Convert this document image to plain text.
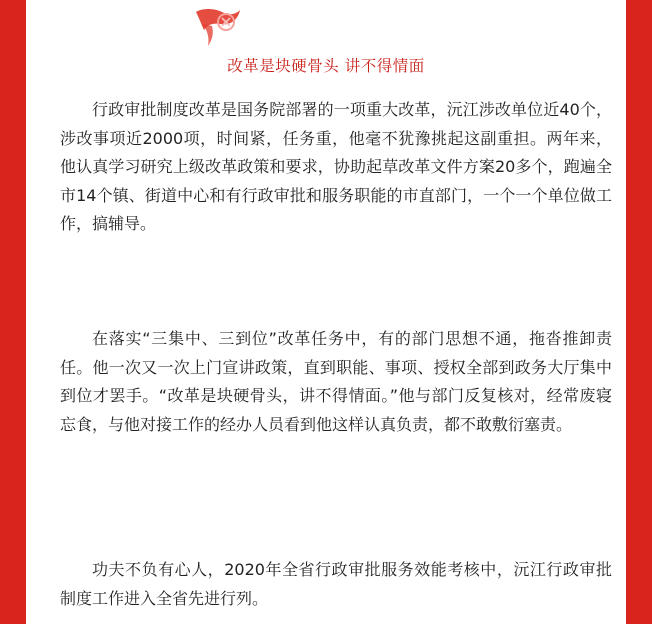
改革是块硬骨头 讲不得情面

行政审批制度改革是国务院部署的一项重大改革，沅江涉改单位近40个，涉改事项近2000项，时间紧，任务重，他毫不犹豫挑起这副重担。两年来，他认真学习研究上级改革政策和要求，协助起草改革文件方案20多个，跑遍全市14个镇、街道中心和有行政审批和服务职能的市直部门，一个一个单位做工作，搞辅导。

在落实“三集中、三到位”改革任务中，有的部门思想不通，拖沓推卸责任。他一次又一次上门宣讲政策，直到职能、事项、授权全部到政务大厅集中到位才罢手。“改革是块硬骨头，讲不得情面。”他与部门反复核对，经常废寝忘食，与他对接工作的经办人员看到他这样认真负责，都不敢敷衍塞责。

功夫不负有心人，2020年全省行政审批服务效能考核中，沅江行政审批制度工作进入全省先进行列。
